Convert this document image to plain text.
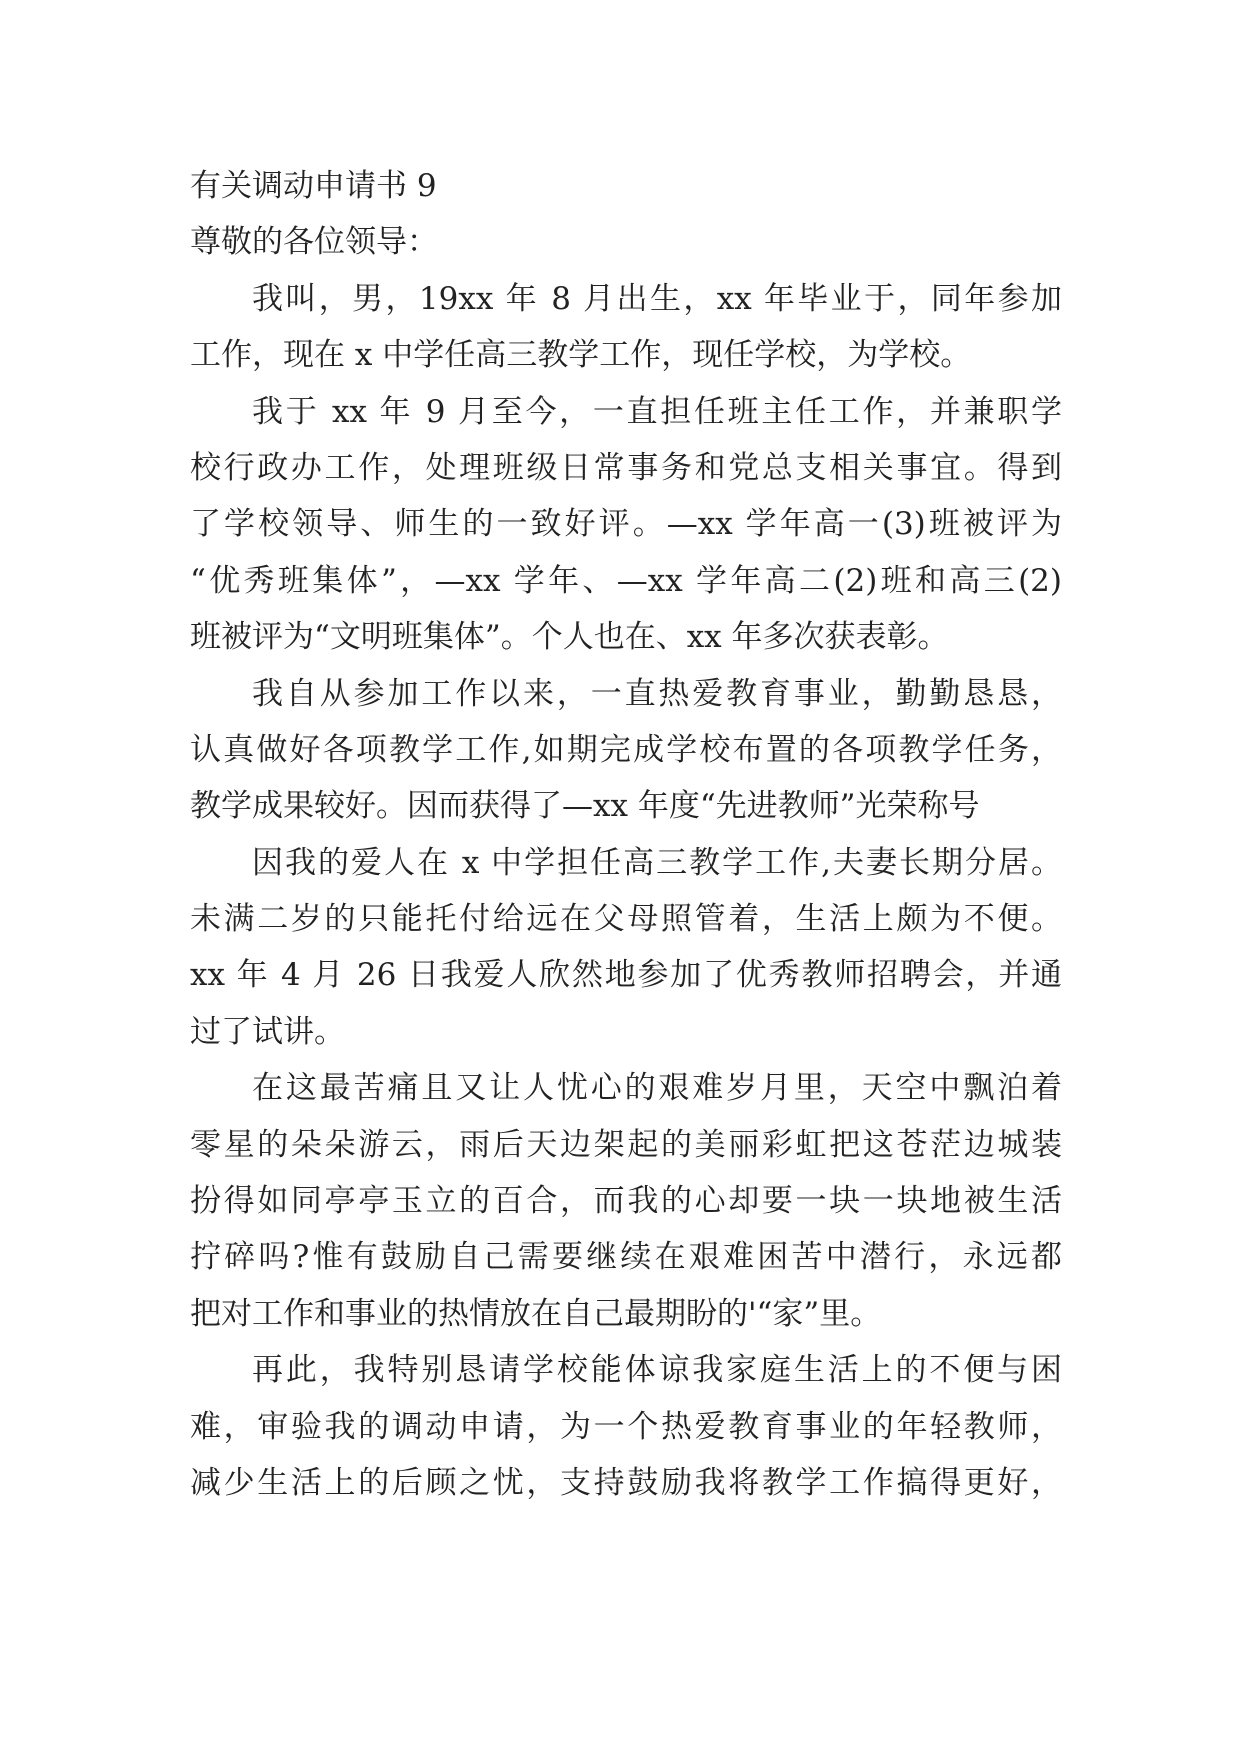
有关调动申请书 9
尊敬的各位领导：
我叫，男，19xx 年 8 月出生，xx 年毕业于，同年参加
工作，现在 x 中学任高三教学工作，现任学校，为学校。
我于 xx 年 9 月至今，一直担任班主任工作，并兼职学
校行政办工作，处理班级日常事务和党总支相关事宜。得到
了学校领导、师生的一致好评。—xx 学年高一(3)班被评为
“优秀班集体”，—xx 学年、—xx 学年高二(2)班和高三(2)
班被评为“文明班集体”。个人也在、xx 年多次获表彰。
我自从参加工作以来，一直热爱教育事业，勤勤恳恳，
认真做好各项教学工作,如期完成学校布置的各项教学任务，
教学成果较好。因而获得了—xx 年度“先进教师”光荣称号
因我的爱人在 x 中学担任高三教学工作,夫妻长期分居。
未满二岁的只能托付给远在父母照管着，生活上颇为不便。
xx 年 4 月 26 日我爱人欣然地参加了优秀教师招聘会，并通
过了试讲。
在这最苦痛且又让人忧心的艰难岁月里，天空中飘泊着
零星的朵朵游云，雨后天边架起的美丽彩虹把这苍茫边城装
扮得如同亭亭玉立的百合，而我的心却要一块一块地被生活
拧碎吗?惟有鼓励自己需要继续在艰难困苦中潜行，永远都
把对工作和事业的热情放在自己最期盼的'“家”里。
再此，我特别恳请学校能体谅我家庭生活上的不便与困
难，审验我的调动申请，为一个热爱教育事业的年轻教师，
减少生活上的后顾之忧，支持鼓励我将教学工作搞得更好，
